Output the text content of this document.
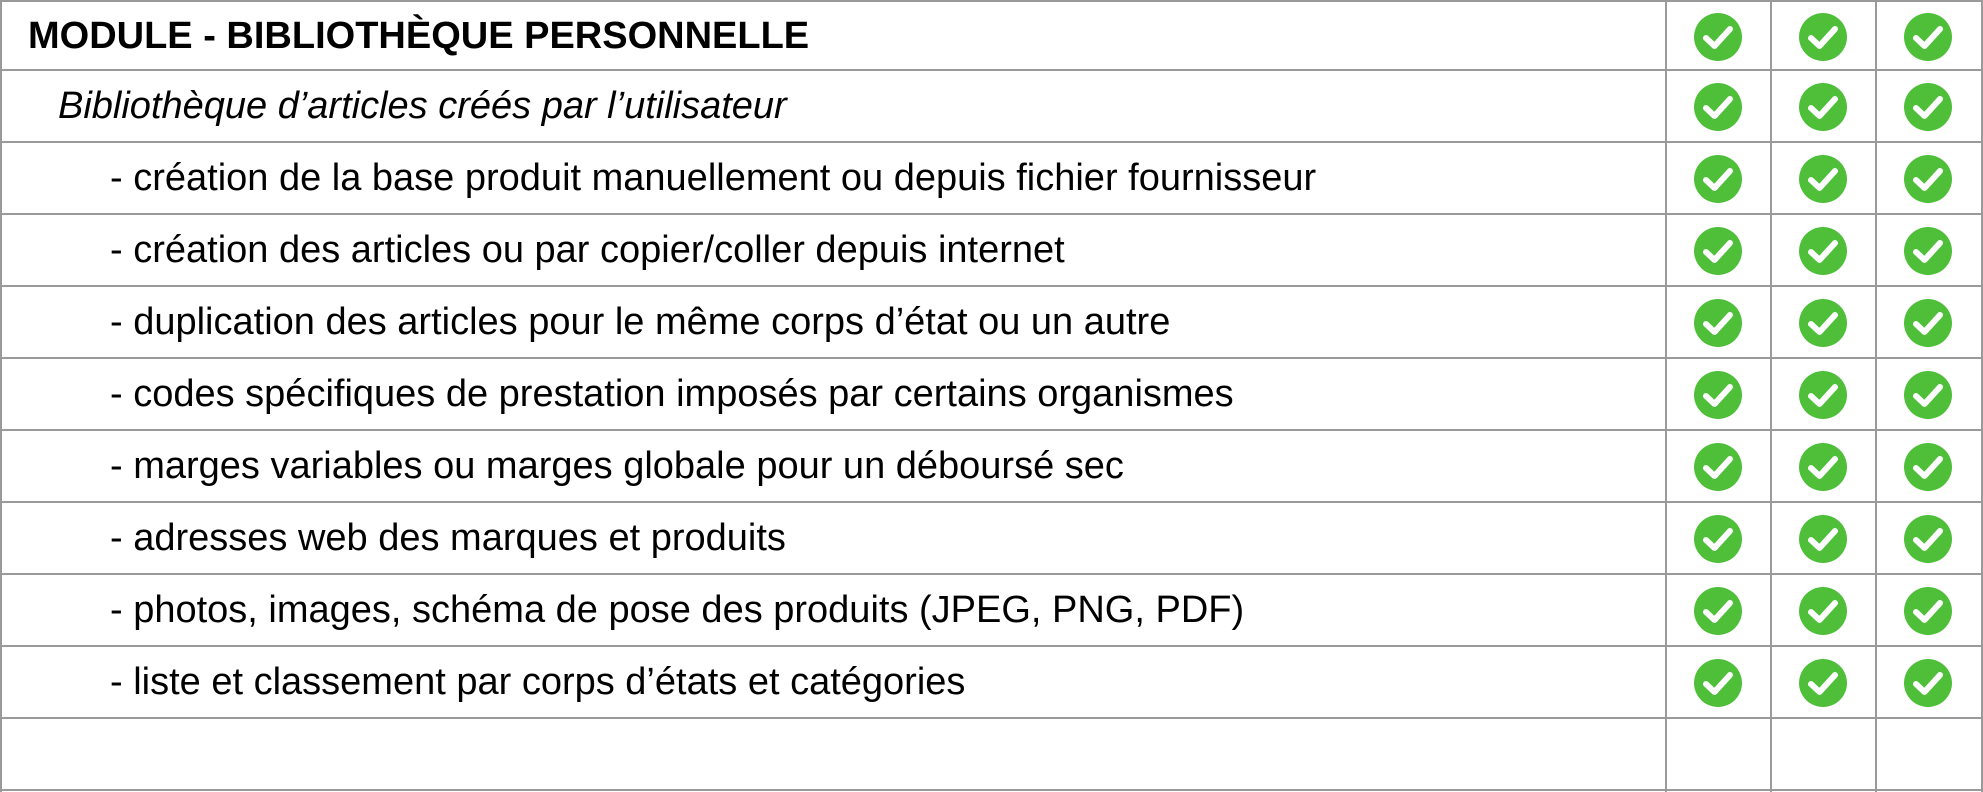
MODULE - BIBLIOTHÈQUE PERSONNELLE
Bibliothèque d’articles créés par l’utilisateur
- création de la base produit manuellement ou depuis fichier fournisseur
- création des articles ou par copier/coller depuis internet
- duplication des articles pour le même corps d’état ou un autre
- codes spécifiques de prestation imposés par certains organismes
- marges variables ou marges globale pour un déboursé sec
- adresses web des marques et produits
- photos, images, schéma de pose des produits (JPEG, PNG, PDF)
- liste et classement par corps d’états et catégories
